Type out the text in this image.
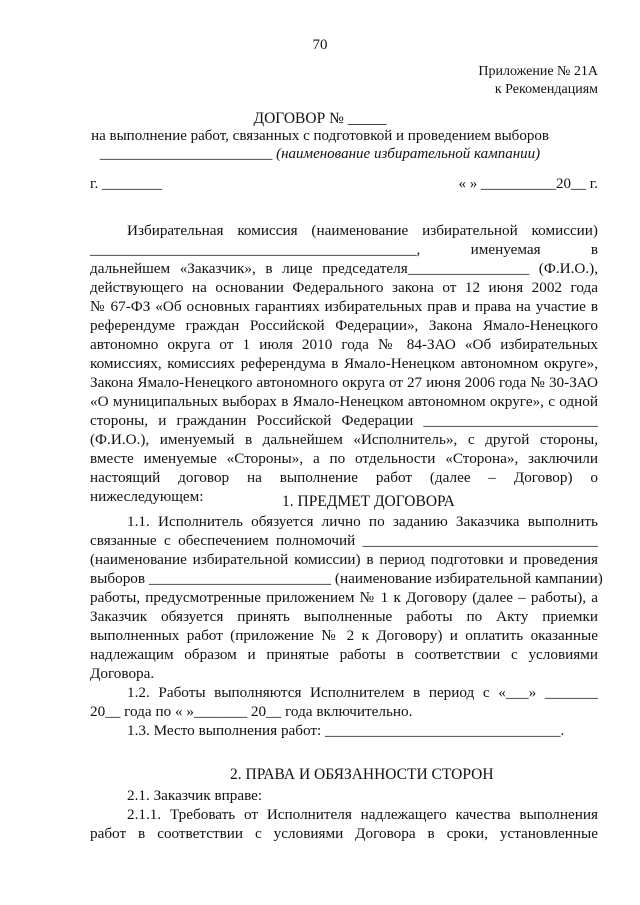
70
Приложение № 21А
к Рекомендациям
ДОГОВОР № _____
на выполнение работ, связанных с подготовкой и проведением выборов
_______________________ (наименование избирательной кампании)
г. ________	« » __________20__ г.
Избирательная комиссия (наименование избирательной комиссии)
___________________________________________, именуемая в
дальнейшем «Заказчик», в лице председателя________________ (Ф.И.О.),
действующего на основании Федерального закона от 12 июня 2002 года
№ 67-ФЗ «Об основных гарантиях избирательных прав и права на участие в
референдуме граждан Российской Федерации», Закона Ямало-Ненецкого
автономно округа от 1 июля 2010 года № 84-ЗАО «Об избирательных
комиссиях, комиссиях референдума в Ямало-Ненецком автономном округе»,
Закона Ямало-Ненецкого автономного округа от 27 июня 2006 года № 30-ЗАО
«О муниципальных выборах в Ямало-Ненецком автономном округе», с одной
стороны, и гражданин Российской Федерации _______________________
(Ф.И.О.), именуемый в дальнейшем «Исполнитель», с другой стороны,
вместе именуемые «Стороны», а по отдельности «Сторона», заключили
настоящий договор на выполнение работ (далее – Договор) о
нижеследующем:	1. ПРЕДМЕТ ДОГОВОРА
1.1. Исполнитель обязуется лично по заданию Заказчика выполнить
связанные с обеспечением полномочий _______________________________
(наименование избирательной комиссии) в период подготовки и проведения
выборов ________________________ (наименование избирательной кампании)
работы, предусмотренные приложением № 1 к Договору (далее – работы), а
Заказчик обязуется принять выполненные работы по Акту приемки
выполненных работ (приложение № 2 к Договору) и оплатить оказанные
надлежащим образом и принятые работы в соответствии с условиями
Договора.
1.2. Работы выполняются Исполнителем в период с «___» _______
20__ года по « »_______ 20__ года включительно.
1.3. Место выполнения работ: _______________________________.
2. ПРАВА И ОБЯЗАННОСТИ СТОРОН
2.1. Заказчик вправе:
2.1.1. Требовать от Исполнителя надлежащего качества выполнения
работ в соответствии с условиями Договора в сроки, установленные
